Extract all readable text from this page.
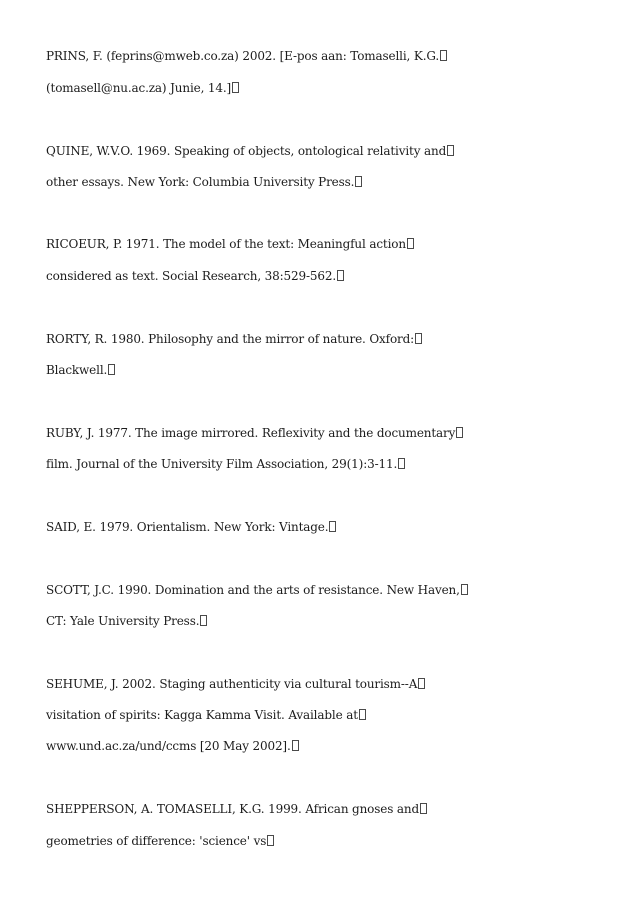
PRINS, F. (feprins@mweb.co.za) 2002. [E-pos aan: Tomaselli, K.G.
(tomasell@nu.ac.za) Junie, 14.]
QUINE, W.V.O. 1969. Speaking of objects, ontological relativity and
other essays. New York: Columbia University Press.
RICOEUR, P. 1971. The model of the text: Meaningful action
considered as text. Social Research, 38:529-562.
RORTY, R. 1980. Philosophy and the mirror of nature. Oxford:
Blackwell.
RUBY, J. 1977. The image mirrored. Reflexivity and the documentary
film. Journal of the University Film Association, 29(1):3-11.
SAID, E. 1979. Orientalism. New York: Vintage.
SCOTT, J.C. 1990. Domination and the arts of resistance. New Haven,
CT: Yale University Press.
SEHUME, J. 2002. Staging authenticity via cultural tourism--A
visitation of spirits: Kagga Kamma Visit. Available at
www.und.ac.za/und/ccms [20 May 2002].
SHEPPERSON, A. TOMASELLI, K.G. 1999. African gnoses and
geometries of difference: 'science' vs
